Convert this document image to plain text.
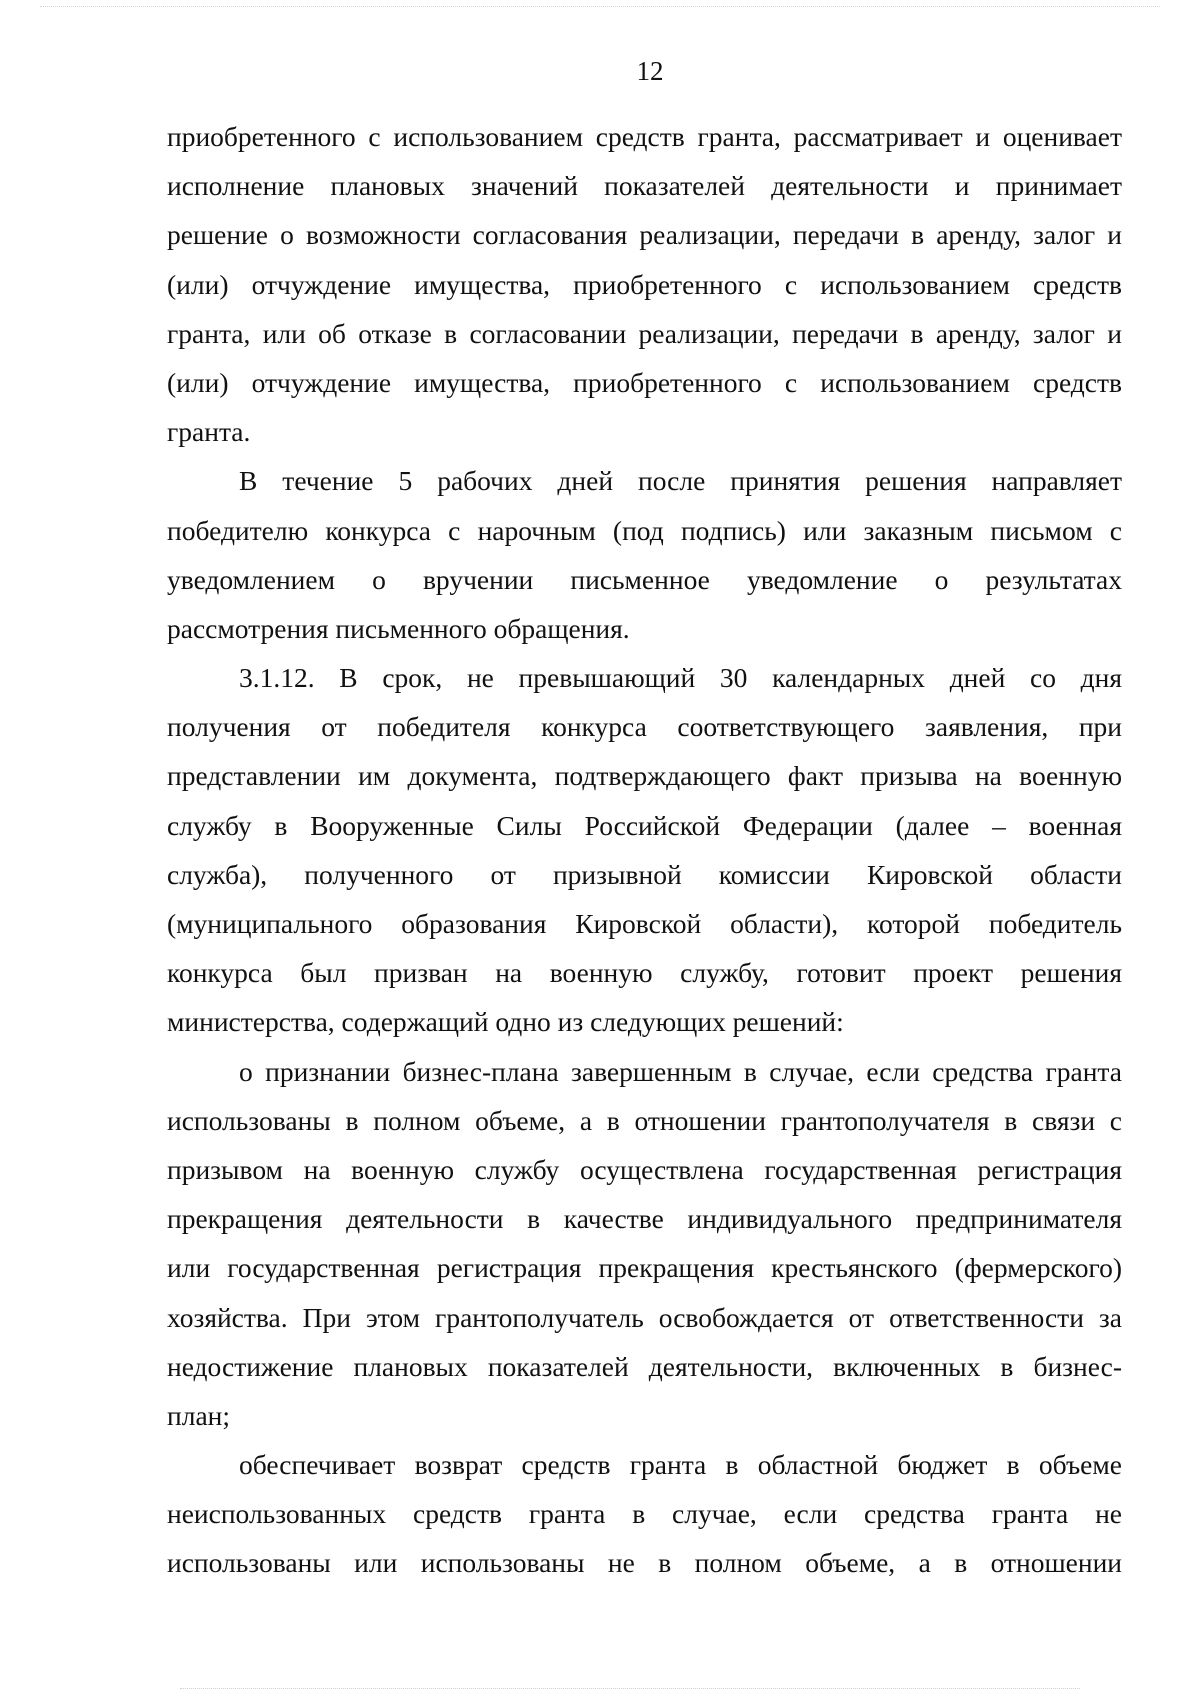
12
приобретенного с использованием средств гранта, рассматривает и оценивает
исполнение плановых значений показателей деятельности и принимает
решение о возможности согласования реализации, передачи в аренду, залог и
(или) отчуждение имущества, приобретенного с использованием средств
гранта, или об отказе в согласовании реализации, передачи в аренду, залог и
(или) отчуждение имущества, приобретенного с использованием средств
гранта.
В течение 5 рабочих дней после принятия решения направляет
победителю конкурса с нарочным (под подпись) или заказным письмом с
уведомлением о вручении письменное уведомление о результатах
рассмотрения письменного обращения.
3.1.12. В срок, не превышающий 30 календарных дней со дня
получения от победителя конкурса соответствующего заявления, при
представлении им документа, подтверждающего факт призыва на военную
службу в Вооруженные Силы Российской Федерации (далее – военная
служба), полученного от призывной комиссии Кировской области
(муниципального образования Кировской области), которой победитель
конкурса был призван на военную службу, готовит проект решения
министерства, содержащий одно из следующих решений:
о признании бизнес-плана завершенным в случае, если средства гранта
использованы в полном объеме, а в отношении грантополучателя в связи с
призывом на военную службу осуществлена государственная регистрация
прекращения деятельности в качестве индивидуального предпринимателя
или государственная регистрация прекращения крестьянского (фермерского)
хозяйства. При этом грантополучатель освобождается от ответственности за
недостижение плановых показателей деятельности, включенных в бизнес-
план;
обеспечивает возврат средств гранта в областной бюджет в объеме
неиспользованных средств гранта в случае, если средства гранта не
использованы или использованы не в полном объеме, а в отношении
